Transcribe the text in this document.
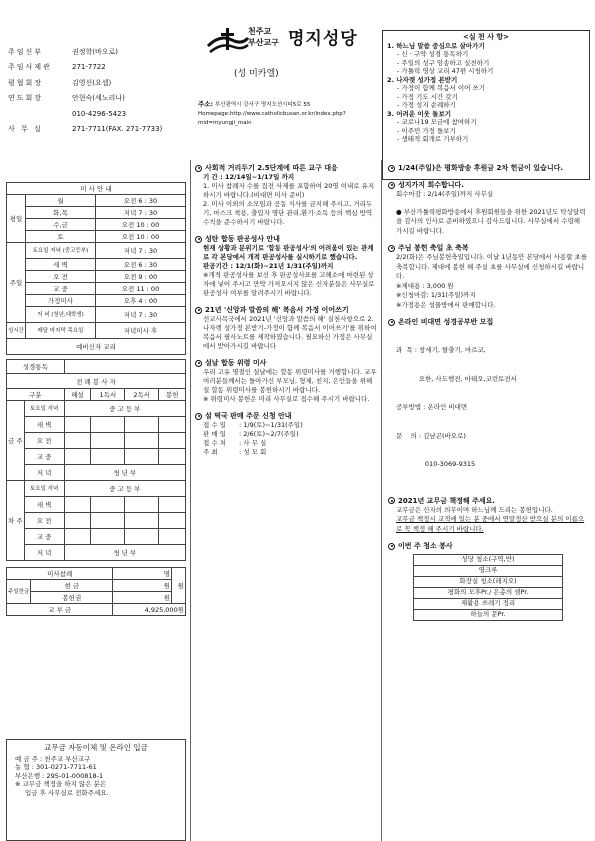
주임신부	권정학(바오로)
주임사제관	271-7722
평협회장	김영선(요셉)
연도회장	안현숙(세노리나)
010-4296-5423
사 무 실	271-7711(FAX. 271-7733)
천주교
부산교구 명지성당
(성 미카엘)
주소: 부산광역시 강서구 명지오션시티5로 55
Homepage:http://www.catholicbusan.or.kr/index.php?mid=myungji_main
<실 천 사 항>
1. 하느님 말씀 중심으로 살아가기
- 신 · 구약 성경 통독하기
- 주일의 성구 암송하고 실천하기
- 가톨릭 영상 교리 47편 시청하기
2. 나자렛 성가정 본받기
- 가정이 함께 복음서 이어 쓰기
- 가정 기도 시간 갖기
- 가정 성지 순례하기
3. 어려운 이웃 돌보기
- 코로나19 모금에 참여하기
- 이주민 가정 돌보기
- 생태적 회개로 기부하기
미 사 안 내		
평일	월	오전 6 : 30
	화,목	저녁 7 : 30
	수,금	오전 10 : 00
	토	오전 10 : 00
주일	토요일 저녁 (중고등부)	저녁 7 : 30
	새 벽	오전 6 : 30
	오 전	오전 9 : 00
	교 중	오전 11 : 00
	가정미사	오후 4 : 00
	저 녁 (청년,대학생)	저녁 7 : 30
성시간	매달 마지막 목요일	저녁미사 후
예비신자 교리		
성경통독					
전 례 봉 사 자					
구분		해설	1독서	2독서	봉헌
금 주	토요일 저녁	중 고 등 부			
	새 벽				
	오 전				
	교 중				
	저 녁	청 년 부			
차 주	토요일 저녁	중 고 등 부			
	새 벽				
	오 전				
	교 중				
	저 녁	청 년 부			
미사참례		명	
주일헌금	현 금	원	원
	봉헌권	원	
교 부 금		4,925,000원	
교무금 자동이체 및 온라인 입금
예 금 주 : 천주교 부산교구
농 협 : 301-0271-7711-61
부산은행 : 295-01-000818-1
※ 교무금 책정을 하지 않은 분은
입금 후 사무실로 전화주세요.
사회적 거리두기 2.5단계에 따른 교구 대응
기 간 : 12/14일~1/17일 까지
1. 미사 참례자 수를 집전 사제를 포함하여 20명 이내로 유지하시기 바랍니다.(비대면 미사 준비)
2. 미사 이외의 소모임과 공동 식사를 금지해 주시고, 거리두기, 마스크 착용, 출입자 명단 관리,환기·소독 등의 핵심 방역수칙을 준수하시기 바랍니다.
성탄 합동 판공성사 안내
현재 상황과 분위기로 '합동 판공성사'의 어려움이 있는 관계로 각 본당에서 개적 판공성사를 실시하기로 했습니다.
판공기간 : 12/1(화)~21년 1/31(주일)까지
※개적 판공성사를 보신 후 판공성사표를 고해소에 마련된 상자에 넣어 주시고 만약 가져오시지 않은 신자분들은 사무실로 판공성사 여부를 알려주시기 바랍니다.
21년 '신앙과 말씀의 해' 복음서 가정 이어쓰기
선교사목국에서 2021년 '신앙과 말씀의 해' 실천사항으로 2. 나자렛 성가정 본받기-가정이 함께 복음서 이어쓰기'를 위하여 복음서 필사노트를 제작하였습니다. 필요하신 가정은 사무실에서 받아가시길 바랍니다
설날 합동 위령 미사
우리 고유 명절인 설날에는 합동 위령미사를 거행합니다. 교우 여러분들께서는 돌아가신 부모님, 형제, 친지, 은인들을 위해 설 합동 위령미사를 봉헌하시기 바랍니다.
※ 위령미사 봉헌은 미리 사무실로 접수해 주시기 바랍니다.
설 떡국 판매 주문 신청 안내
접 수 일 : 1/9(토)~1/31(주일)
판 매 일 : 2/6(토)~2/7(주일)
접 수 처 : 사 무 실
주 최	: 성 모 회
1/24(주일)은 평화방송 후원금 2차 헌금이 있습니다.
성지가지 회수합니다.
회수마감 : 2/14(주일)까지 사무실
● 부산가톨릭평화방송에서 후원회원들을 위한 2021년도 탁상달력을 감사의 인사로 준비하였으니 감사드립니다. 사무실에서 수령해 가시길 바랍니다.
주님 봉헌 축일 초 축복
2/2(화)은 주님봉헌축일입니다. 이날 1년동안 본당에서 사용할 초를 축복합니다. 제대에 봉헌 해 주실 초를 사무실에 신청하시길 바랍니다.
※제대용 : 3,000 원
※신청마감: 1/31(주일)까지
※가정용은 성물방에서 판매합니다.
온라인 비대면 성경공부반 모집

과  목 : 창세기, 탈출기, 마르코,

요한, 사도행전, 마태오,코린토전서

공부방법 : 온라인 비대면

문    의 : 김남곤(바오로)

010-3069-9315

2021년 교무금 책정해 주세요.
교무금은 신자의 의무이며 하느님께 드리는 봉헌입니다.
교무금 책정시 교적에 있는 분 중에서 연말정산 받으실 분의 이름으로 꼭 책정 해 주시기 바랍니다.
이번 주 청소 봉사
성당 청소(구역,반)
영크루
화장실 청소(레지오)
평화의 모후Pr./ 은총의 샘Pr.
재활용 쓰레기 정리
하늘의 문Pr.
